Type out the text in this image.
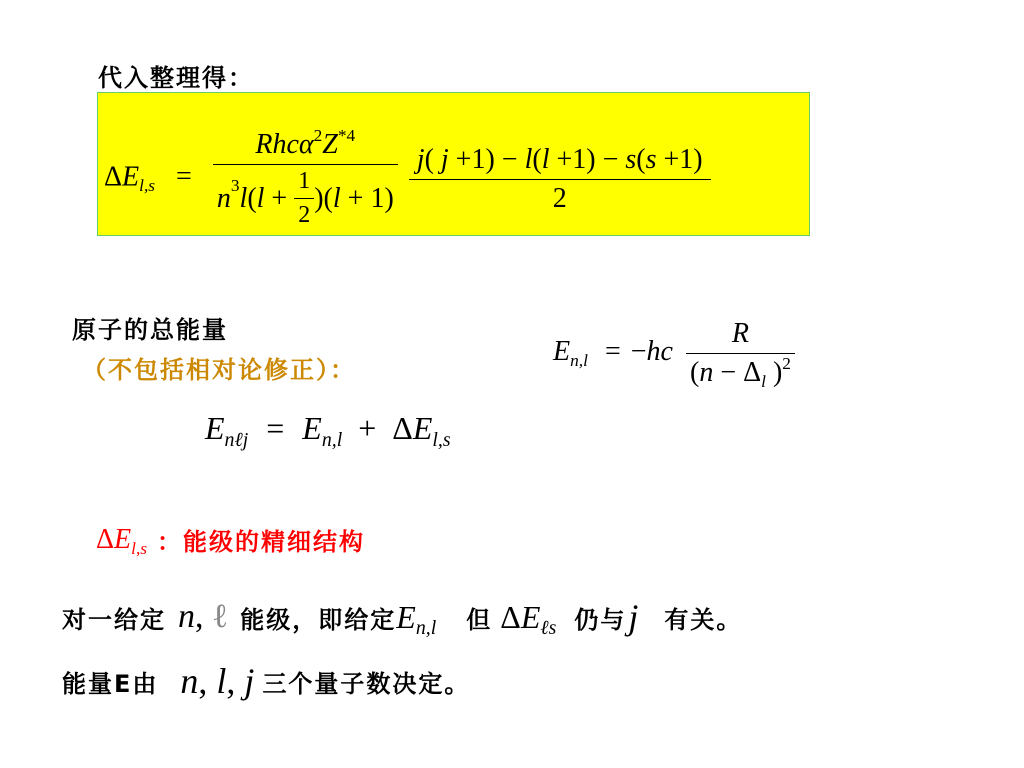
代入整理得：
$\Delta E_{l,s} = \frac{Rhc\alpha^2Z^{*4}}{n 3 l ( l + \frac{1}{2} )( l + 1)}$
$\frac{j( j +1) - l(l +1) - s(s +1)}{2}$
原子的总能量
（不包括相对论修正）：
$E_{n,l} = -hc \frac{R}{(n - \Delta_l )^2}$
$E_{n\ell j} = E_{n,l} + \Delta E_{l,s}$
$\Delta E_{l,s}$ ： 能级的精细结构
对一给定 n, ℓ 能级，即给定 $E_{n,l}$ 但 $\Delta E_{\ell s}$ 仍与 j 有关。
能量E由 n, l, j 三个量子数决定。
